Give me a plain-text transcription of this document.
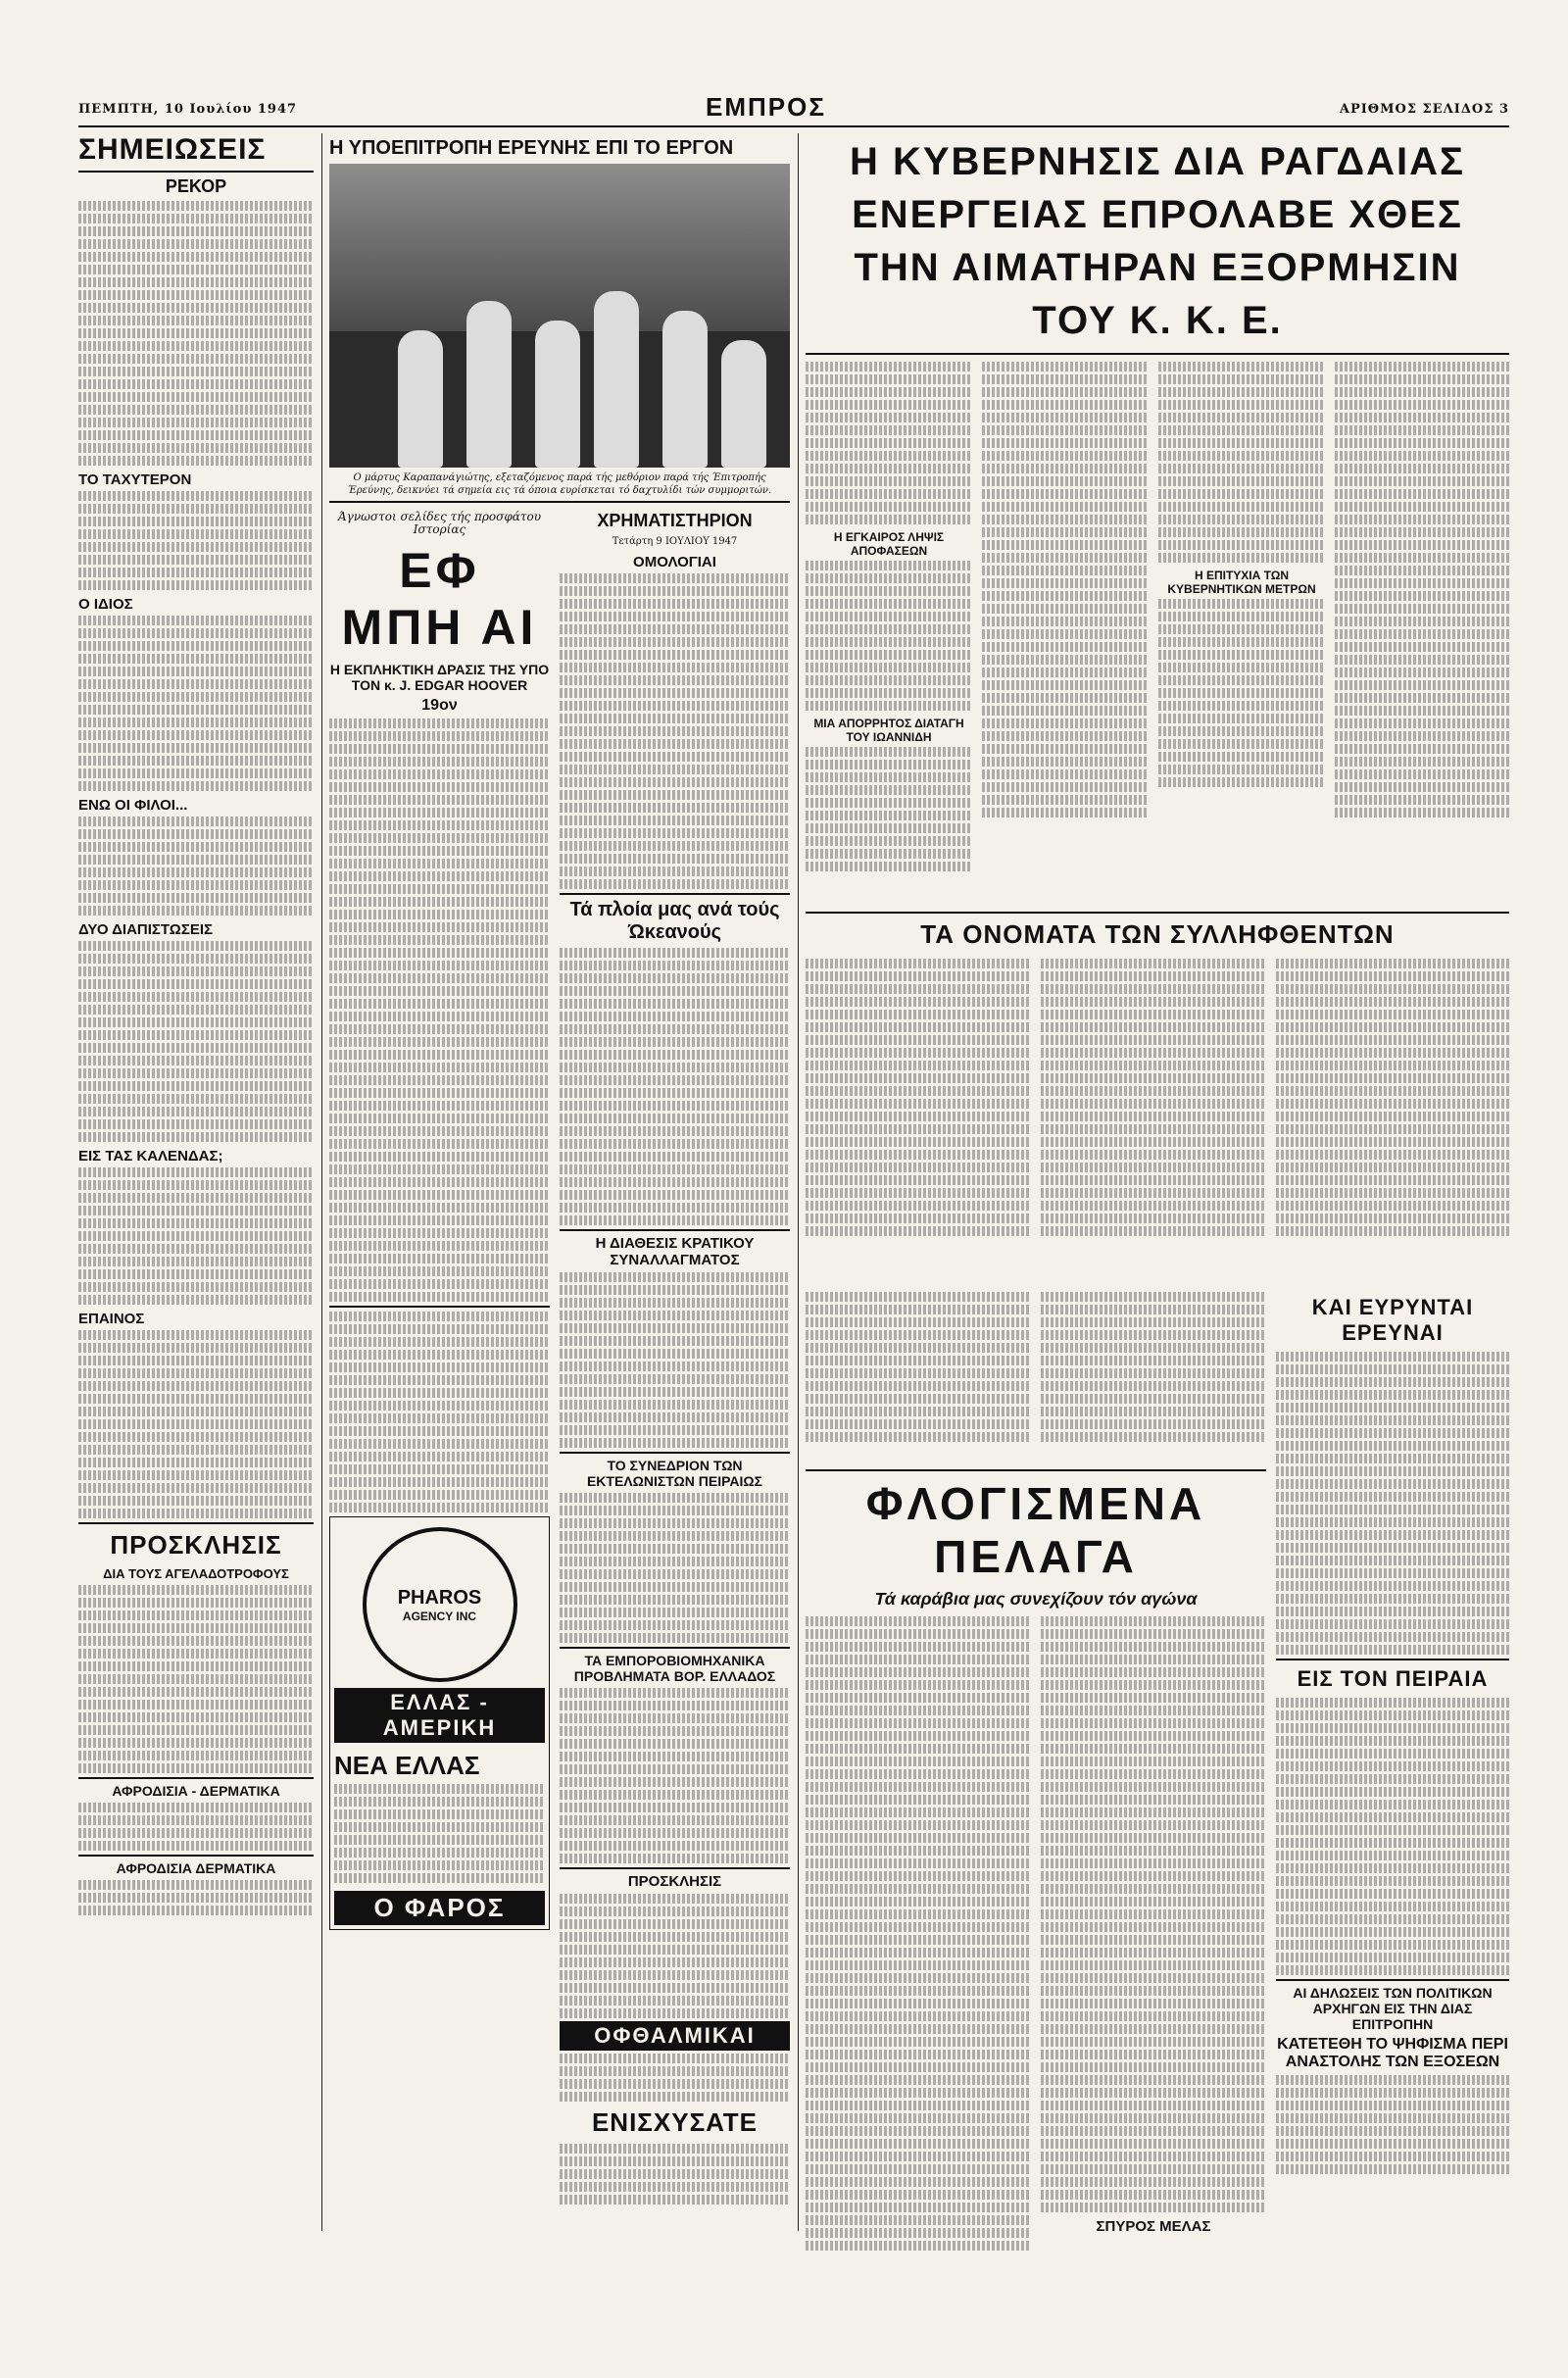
ΠΕΜΠΤΗ, 10 Ιουλίου 1947	ΕΜΠΡΟΣ	ΑΡΙΘΜΟΣ ΣΕΛΙΔΟΣ 3
ΣΗΜΕΙΩΣΕΙΣ
ΡΕΚΟΡ
ΤΟ ΤΑΧΥΤΕΡΟΝ
Ο ΙΔΙΟΣ
ΕΝΩ ΟΙ ΦΙΛΟΙ...
ΔΥΟ ΔΙΑΠΙΣΤΩΣΕΙΣ
ΕΙΣ ΤΑΣ ΚΑΛΕΝΔΑΣ;
ΕΠΑΙΝΟΣ
ΠΡΟΣΚΛΗΣΙΣ
ΔΙΑ ΤΟΥΣ ΑΓΕΛΑΔΟΤΡΟΦΟΥΣ
ΑΦΡΟΔΙΣΙΑ - ΔΕΡΜΑΤΙΚΑ
ΑΦΡΟΔΙΣΙΑ ΔΕΡΜΑΤΙΚΑ
Η ΥΠΟΕΠΙΤΡΟΠΗ ΕΡΕΥΝΗΣ ΕΠΙ ΤΟ ΕΡΓΟΝ
Ο μάρτυς Καραπανάγιώτης, εξεταζόμενος παρά τής μεθόριον παρά τής Έπιτροπής Έρεύνης, δεικνύει τά σημεία εις τά όποια ευρίσκεται τό δαχτυλίδι τών συμμοριτών.
Άγνωστοι σελίδες τής προσφάτου Ιστορίας
ΕΦ ΜΠΗ ΑΙ
Η ΕΚΠΛΗΚΤΙΚΗ ΔΡΑΣΙΣ ΤΗΣ ΥΠΟ ΤΟΝ κ. J. EDGAR HOOVER
19ον
PHAROS
AGENCY INC
ΕΛΛΑΣ - ΑΜΕΡΙΚΗ
ΝΕΑ ΕΛΛΑΣ
Ο ΦΑΡΟΣ
ΧΡΗΜΑΤΙΣΤΗΡΙΟΝ
Τετάρτη 9 ΙΟΥΛΙΟΥ 1947
ΟΜΟΛΟΓΙΑΙ
Τά πλοία μας ανά τούς Ώκεανούς
Η ΔΙΑΘΕΣΙΣ ΚΡΑΤΙΚΟΥ ΣΥΝΑΛΛΑΓΜΑΤΟΣ
ΤΟ ΣΥΝΕΔΡΙΟΝ ΤΩΝ ΕΚΤΕΛΩΝΙΣΤΩΝ ΠΕΙΡΑΙΩΣ
ΤΑ ΕΜΠΟΡΟΒΙΟΜΗΧΑΝΙΚΑ ΠΡΟΒΛΗΜΑΤΑ ΒΟΡ. ΕΛΛΑΔΟΣ
ΠΡΟΣΚΛΗΣΙΣ
ΟΦΘΑΛΜΙΚΑΙ
ΕΝΙΣΧΥΣΑΤΕ
Η ΚΥΒΕΡΝΗΣΙΣ ΔΙΑ ΡΑΓΔΑΙΑΣ ΕΝΕΡΓΕΙΑΣ ΕΠΡΟΛΑΒΕ ΧΘΕΣ ΤΗΝ ΑΙΜΑΤΗΡΑΝ ΕΞΟΡΜΗΣΙΝ ΤΟΥ Κ. Κ. Ε.
Η ΕΓΚΑΙΡΟΣ ΛΗΨΙΣ ΑΠΟΦΑΣΕΩΝ
ΜΙΑ ΑΠΟΡΡΗΤΟΣ ΔΙΑΤΑΓΗ ΤΟΥ ΙΩΑΝΝΙΔΗ
Η ΕΠΙΤΥΧΙΑ ΤΩΝ ΚΥΒΕΡΝΗΤΙΚΩΝ ΜΕΤΡΩΝ
ΤΑ ΟΝΟΜΑΤΑ ΤΩΝ ΣΥΛΛΗΦΘΕΝΤΩΝ
ΦΛΟΓΙΣΜΕΝΑ ΠΕΛΑΓΑ
Τά καράβια μας συνεχίζουν τόν αγώνα
ΣΠΥΡΟΣ ΜΕΛΑΣ
ΚΑΙ ΕΥΡΥΝΤΑΙ ΕΡΕΥΝΑΙ
ΕΙΣ ΤΟΝ ΠΕΙΡΑΙΑ
ΑΙ ΔΗΛΩΣΕΙΣ ΤΩΝ ΠΟΛΙΤΙΚΩΝ ΑΡΧΗΓΩΝ ΕΙΣ ΤΗΝ ΔΙΑΣ ΕΠΙΤΡΟΠΗΝ
ΚΑΤΕΤΕΘΗ ΤΟ ΨΗΦΙΣΜΑ ΠΕΡΙ ΑΝΑΣΤΟΛΗΣ ΤΩΝ ΕΞΟΣΕΩΝ
